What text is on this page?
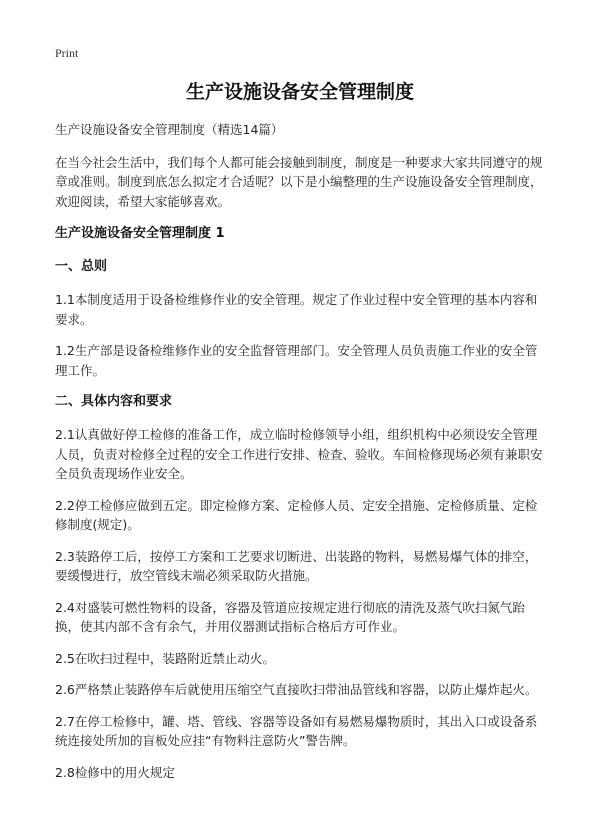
Print
生产设施设备安全管理制度

生产设施设备安全管理制度（精选14篇）

在当今社会生活中，我们每个人都可能会接触到制度，制度是一种要求大家共同遵守的规章或准则。制度到底怎么拟定才合适呢？以下是小编整理的生产设施设备安全管理制度，欢迎阅读，希望大家能够喜欢。

生产设施设备安全管理制度 1
一、总则

1.1本制度适用于设备检维修作业的安全管理。规定了作业过程中安全管理的基本内容和要求。

1.2生产部是设备检维修作业的安全监督管理部门。安全管理人员负责施工作业的安全管理工作。

二、具体内容和要求

2.1认真做好停工检修的准备工作，成立临时检修领导小组，组织机构中必须设安全管理人员，负责对检修全过程的安全工作进行安排、检查、验收。车间检修现场必须有兼职安全员负责现场作业安全。

2.2停工检修应做到五定。即定检修方案、定检修人员、定安全措施、定检修质量、定检修制度(规定)。

2.3装路停工后，按停工方案和工艺要求切断进、出装路的物料，易燃易爆气体的排空，要缓慢进行，放空管线末端必须采取防火措施。

2.4对盛装可燃性物料的设备，容器及管道应按规定进行彻底的清洗及蒸气吹扫氮气跆换，使其内部不含有余气，并用仪器测试指标合格后方可作业。

2.5在吹扫过程中，装路附近禁止动火。

2.6严格禁止装路停车后就使用压缩空气直接吹扫带油品管线和容器，以防止爆炸起火。

2.7在停工检修中，罐、塔、管线、容器等设备如有易燃易爆物质时，其出入口或设备系统连接处所加的盲板处应挂“有物料注意防火”警告牌。

2.8检修中的用火规定
